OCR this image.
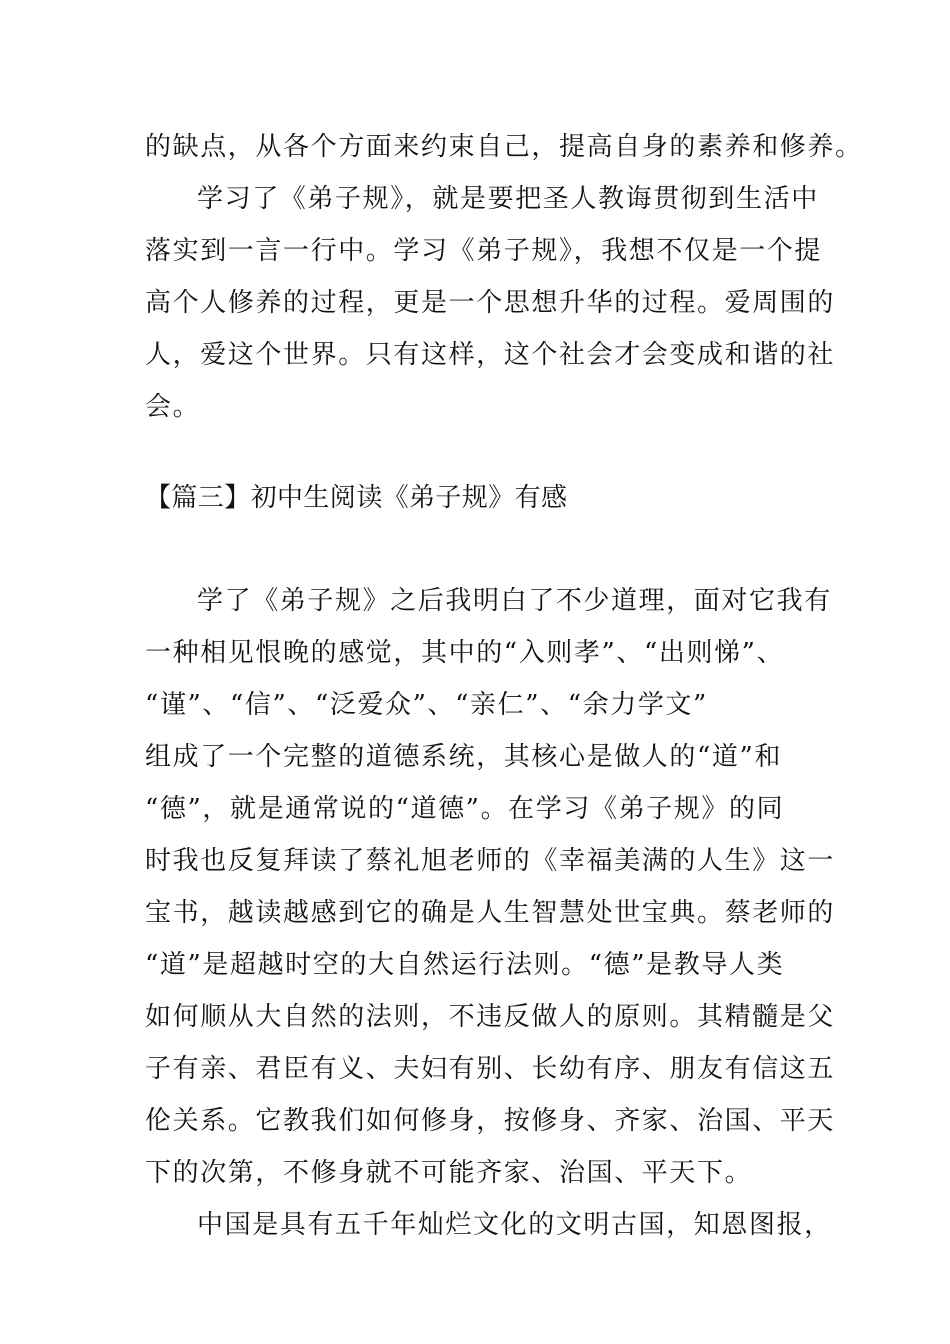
的缺点，从各个方面来约束自己，提高自身的素养和修养。
学习了《弟子规》，就是要把圣人教诲贯彻到生活中
落实到一言一行中。学习《弟子规》，我想不仅是一个提
高个人修养的过程，更是一个思想升华的过程。爱周围的
人，爱这个世界。只有这样，这个社会才会变成和谐的社
会。
【篇三】初中生阅读《弟子规》有感
学了《弟子规》之后我明白了不少道理，面对它我有
一种相见恨晚的感觉，其中的“入则孝”、“出则悌”、
“谨”、“信”、“泛爱众”、“亲仁”、“余力学文”
组成了一个完整的道德系统，其核心是做人的“道”和
“德”，就是通常说的“道德”。在学习《弟子规》的同
时我也反复拜读了蔡礼旭老师的《幸福美满的人生》这一
宝书，越读越感到它的确是人生智慧处世宝典。蔡老师的
“道”是超越时空的大自然运行法则。“德”是教导人类
如何顺从大自然的法则，不违反做人的原则。其精髓是父
子有亲、君臣有义、夫妇有别、长幼有序、朋友有信这五
伦关系。它教我们如何修身，按修身、齐家、治国、平天
下的次第，不修身就不可能齐家、治国、平天下。
中国是具有五千年灿烂文化的文明古国，知恩图报，
